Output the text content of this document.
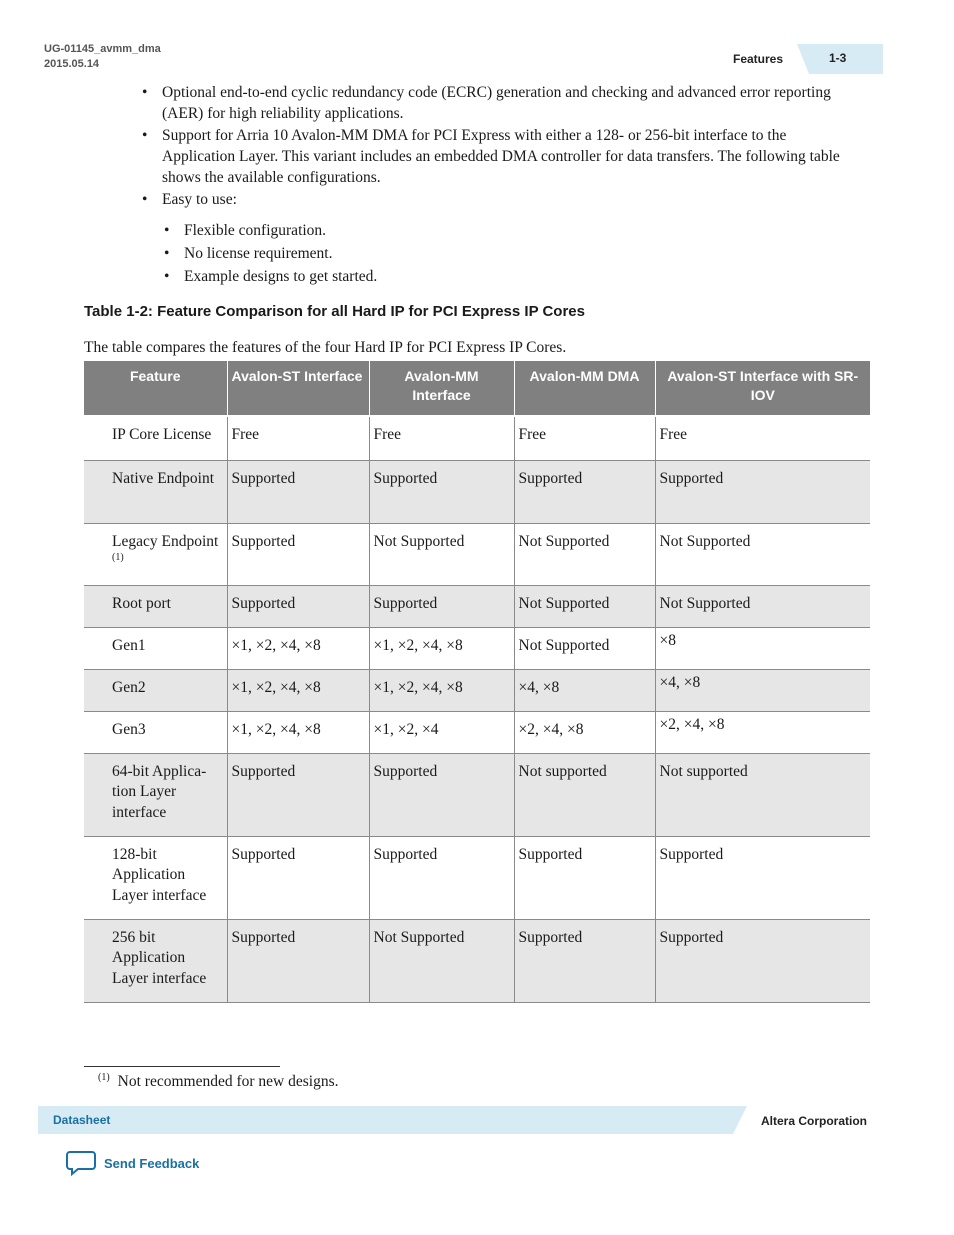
UG-01145_avmm_dma
2015.05.14	Features	1-3
• Optional end-to-end cyclic redundancy code (ECRC) generation and checking and advanced error reporting (AER) for high reliability applications.
• Support for Arria 10 Avalon-MM DMA for PCI Express with either a 128- or 256-bit interface to the Application Layer. This variant includes an embedded DMA controller for data transfers. The following table shows the available configurations.
• Easy to use:
• Flexible configuration.
• No license requirement.
• Example designs to get started.
Table 1-2: Feature Comparison for all Hard IP for PCI Express IP Cores
The table compares the features of the four Hard IP for PCI Express IP Cores.
Feature	Avalon-ST Interface	Avalon-MM Interface	Avalon-MM DMA	Avalon-ST Interface with SR-IOV
IP Core License	Free	Free	Free	Free
Native Endpoint	Supported	Supported	Supported	Supported
Legacy Endpoint $^{(1)}$	Supported	Not Supported	Not Supported	Not Supported
Root port	Supported	Supported	Not Supported	Not Supported
Gen1	×1, ×2, ×4, ×8	×1, ×2, ×4, ×8	Not Supported	×8
Gen2	×1, ×2, ×4, ×8	×1, ×2, ×4, ×8	×4, ×8	×4, ×8
Gen3	×1, ×2, ×4, ×8	×1, ×2, ×4	×2, ×4, ×8	×2, ×4, ×8
64-bit Applica-tion Layer interface	Supported	Supported	Not supported	Not supported
128-bit Application Layer interface	Supported	Supported	Supported	Supported
256 bit Application Layer interface	Supported	Not Supported	Supported	Supported
$^{(1)}$ Not recommended for new designs.
Datasheet	Altera Corporation
Send Feedback
